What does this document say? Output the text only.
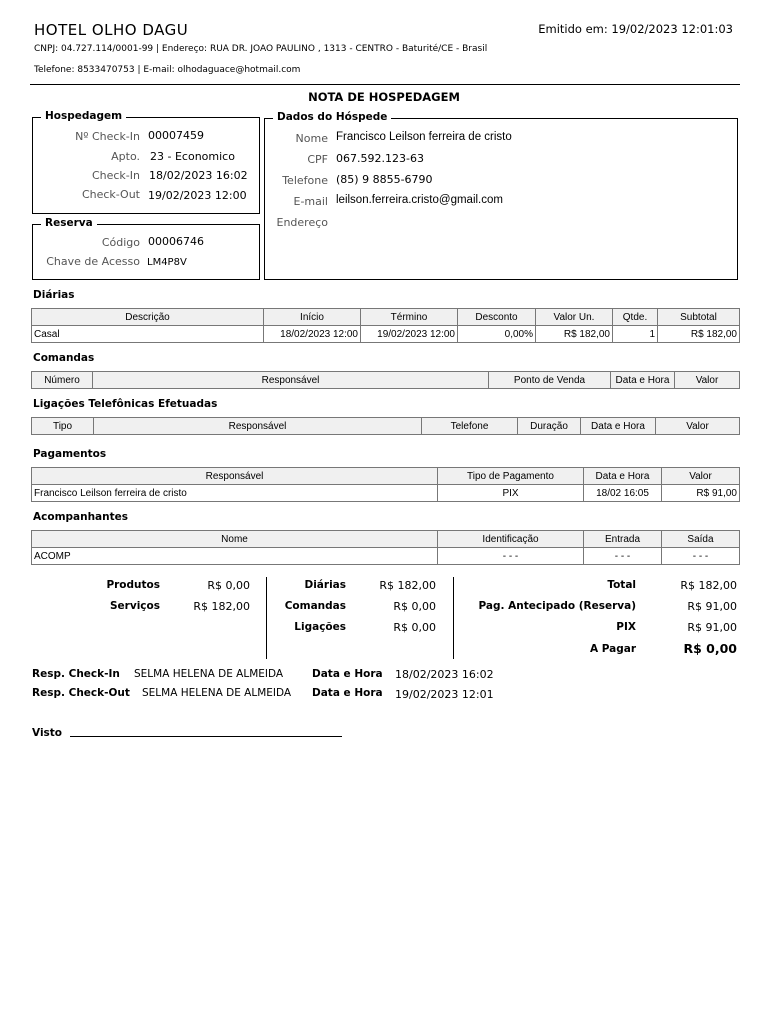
HOTEL OLHO DAGU	Emitido em: 19/02/2023 12:01:03
CNPJ: 04.727.114/0001-99 | Endereço: RUA DR. JOAO PAULINO , 1313 - CENTRO - Baturité/CE - Brasil
Telefone: 8533470753 | E-mail: olhodaguace@hotmail.com
NOTA DE HOSPEDAGEM
Hospedagem
Nº Check-In 00007459
Apto. 23 - Economico
Check-In 18/02/2023 16:02
Check-Out 19/02/2023 12:00
Reserva
Código 00006746
Chave de Acesso LM4P8V
Dados do Hóspede
Nome Francisco Leilson ferreira de cristo
CPF 067.592.123-63
Telefone (85) 9 8855-6790
E-mail leilson.ferreira.cristo@gmail.com
Endereço
Diárias
Descrição	Início	Término	Desconto	Valor Un.	Qtde.	Subtotal
Casal	18/02/2023 12:00	19/02/2023 12:00	0,00%	R$ 182,00	1	R$ 182,00
Comandas
Número	Responsável	Ponto de Venda	Data e Hora	Valor
Ligações Telefônicas Efetuadas
Tipo	Responsável	Telefone	Duração	Data e Hora	Valor
Pagamentos
Responsável	Tipo de Pagamento	Data e Hora	Valor
Francisco Leilson ferreira de cristo	PIX	18/02 16:05	R$ 91,00
Acompanhantes
Nome	Identificação	Entrada	Saída
ACOMP	- - -	- - -	- - -
Produtos	R$ 0,00
Serviços	R$ 182,00
Diárias	R$ 182,00
Comandas	R$ 0,00
Ligações	R$ 0,00
Total	R$ 182,00
Pag. Antecipado (Reserva)	R$ 91,00
PIX	R$ 91,00
A Pagar	R$ 0,00
Resp. Check-In SELMA HELENA DE ALMEIDA	Data e Hora 18/02/2023 16:02
Resp. Check-Out SELMA HELENA DE ALMEIDA Data e Hora 19/02/2023 12:01
Visto
